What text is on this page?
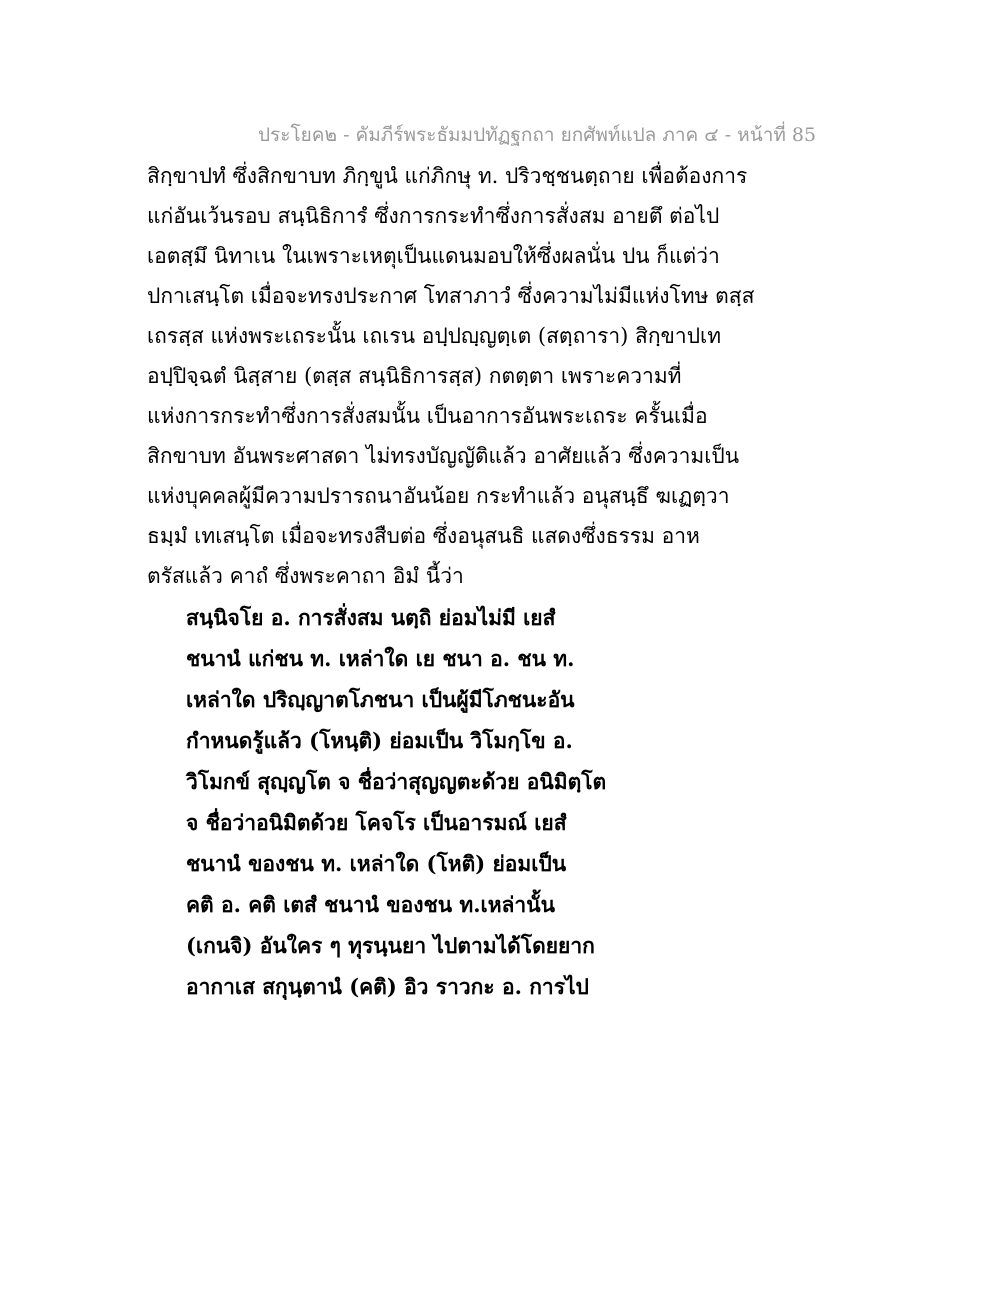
ประโยค๒ - คัมภีร์พระธัมมปทัฏฐกถา ยกศัพท์แปล ภาค ๔ - หน้าที่ 85
สิกฺขาปทํ ซึ่งสิกขาบท ภิกฺขูนํ แก่ภิกษุ ท. ปริวชฺชนตฺถาย เพื่อต้องการ
แก่อันเว้นรอบ สนฺนิธิการํ ซึ่งการกระทำซึ่งการสั่งสม อายตึ ต่อไป
เอตสฺมึ นิทาเน ในเพราะเหตุเป็นแดนมอบให้ซึ่งผลนั่น ปน ก็แต่ว่า
ปกาเสนฺโต เมื่อจะทรงประกาศ โทสาภาวํ ซึ่งความไม่มีแห่งโทษ ตสฺส
เถรสฺส แห่งพระเถระนั้น เถเรน อปฺปญฺญตฺเต (สตฺถารา) สิกฺขาปเท
อปฺปิจฺฉตํ นิสฺสาย (ตสฺส สนฺนิธิการสฺส) กตตฺตา เพราะความที่
แห่งการกระทำซึ่งการสั่งสมนั้น เป็นอาการอันพระเถระ ครั้นเมื่อ
สิกขาบท อันพระศาสดา ไม่ทรงบัญญัติแล้ว อาศัยแล้ว ซึ่งความเป็น
แห่งบุคคลผู้มีความปรารถนาอันน้อย กระทำแล้ว อนุสนฺธึ ฆเฏตฺวา
ธมฺมํ เทเสนฺโต เมื่อจะทรงสืบต่อ ซึ่งอนุสนธิ แสดงซึ่งธรรม อาห
ตรัสแล้ว คาถํ ซึ่งพระคาถา อิมํ นี้ว่า
สนฺนิจโย อ. การสั่งสม นตฺถิ ย่อมไม่มี เยสํ
ชนานํ แก่ชน ท. เหล่าใด เย ชนา อ. ชน ท.
เหล่าใด ปริญฺญาตโภชนา เป็นผู้มีโภชนะอัน
กำหนดรู้แล้ว (โหนฺติ) ย่อมเป็น วิโมกฺโข อ.
วิโมกข์ สุญฺญโต จ ชื่อว่าสุญญตะด้วย อนิมิตฺโต
จ ชื่อว่าอนิมิตด้วย โคจโร เป็นอารมณ์ เยสํ
ชนานํ ของชน ท. เหล่าใด (โหติ) ย่อมเป็น
คติ อ. คติ เตสํ ชนานํ ของชน ท.เหล่านั้น
(เกนจิ) อันใคร ๆ ทุรนฺนยา ไปตามได้โดยยาก
อากาเส สกุนฺตานํ (คติ) อิว ราวกะ อ. การไป
